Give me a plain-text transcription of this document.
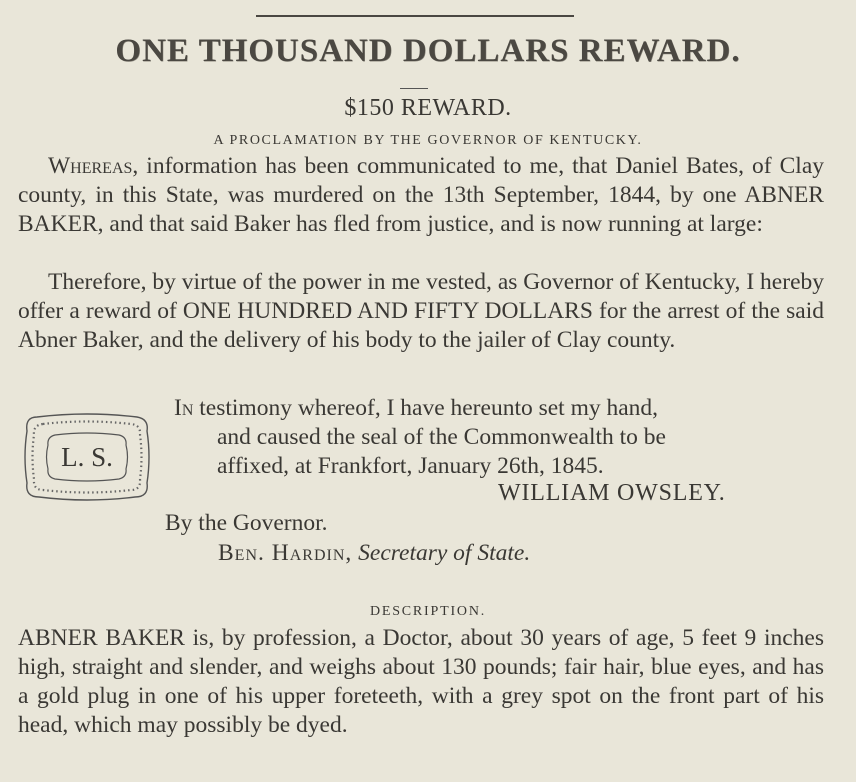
ONE THOUSAND DOLLARS REWARD.
$150 REWARD.
A PROCLAMATION BY THE GOVERNOR OF KENTUCKY.
Whereas, information has been communicated to me, that Daniel Bates, of Clay county, in this State, was murdered on the 13th September, 1844, by one ABNER BAKER, and that said Baker has fled from justice, and is now running at large:
Therefore, by virtue of the power in me vested, as Governor of Kentucky, I hereby offer a reward of ONE HUNDRED AND FIFTY DOLLARS for the arrest of the said Abner Baker, and the delivery of his body to the jailer of Clay county.
L. S.
In testimony whereof, I have hereunto set my hand,
and caused the seal of the Commonwealth to be
affixed, at Frankfort, January 26th, 1845.
WILLIAM OWSLEY.
By the Governor.
Ben. Hardin, Secretary of State.
DESCRIPTION.
ABNER BAKER is, by profession, a Doctor, about 30 years of age, 5 feet 9 inches high, straight and slender, and weighs about 130 pounds; fair hair, blue eyes, and has a gold plug in one of his upper foreteeth, with a grey spot on the front part of his head, which may possibly be dyed.
